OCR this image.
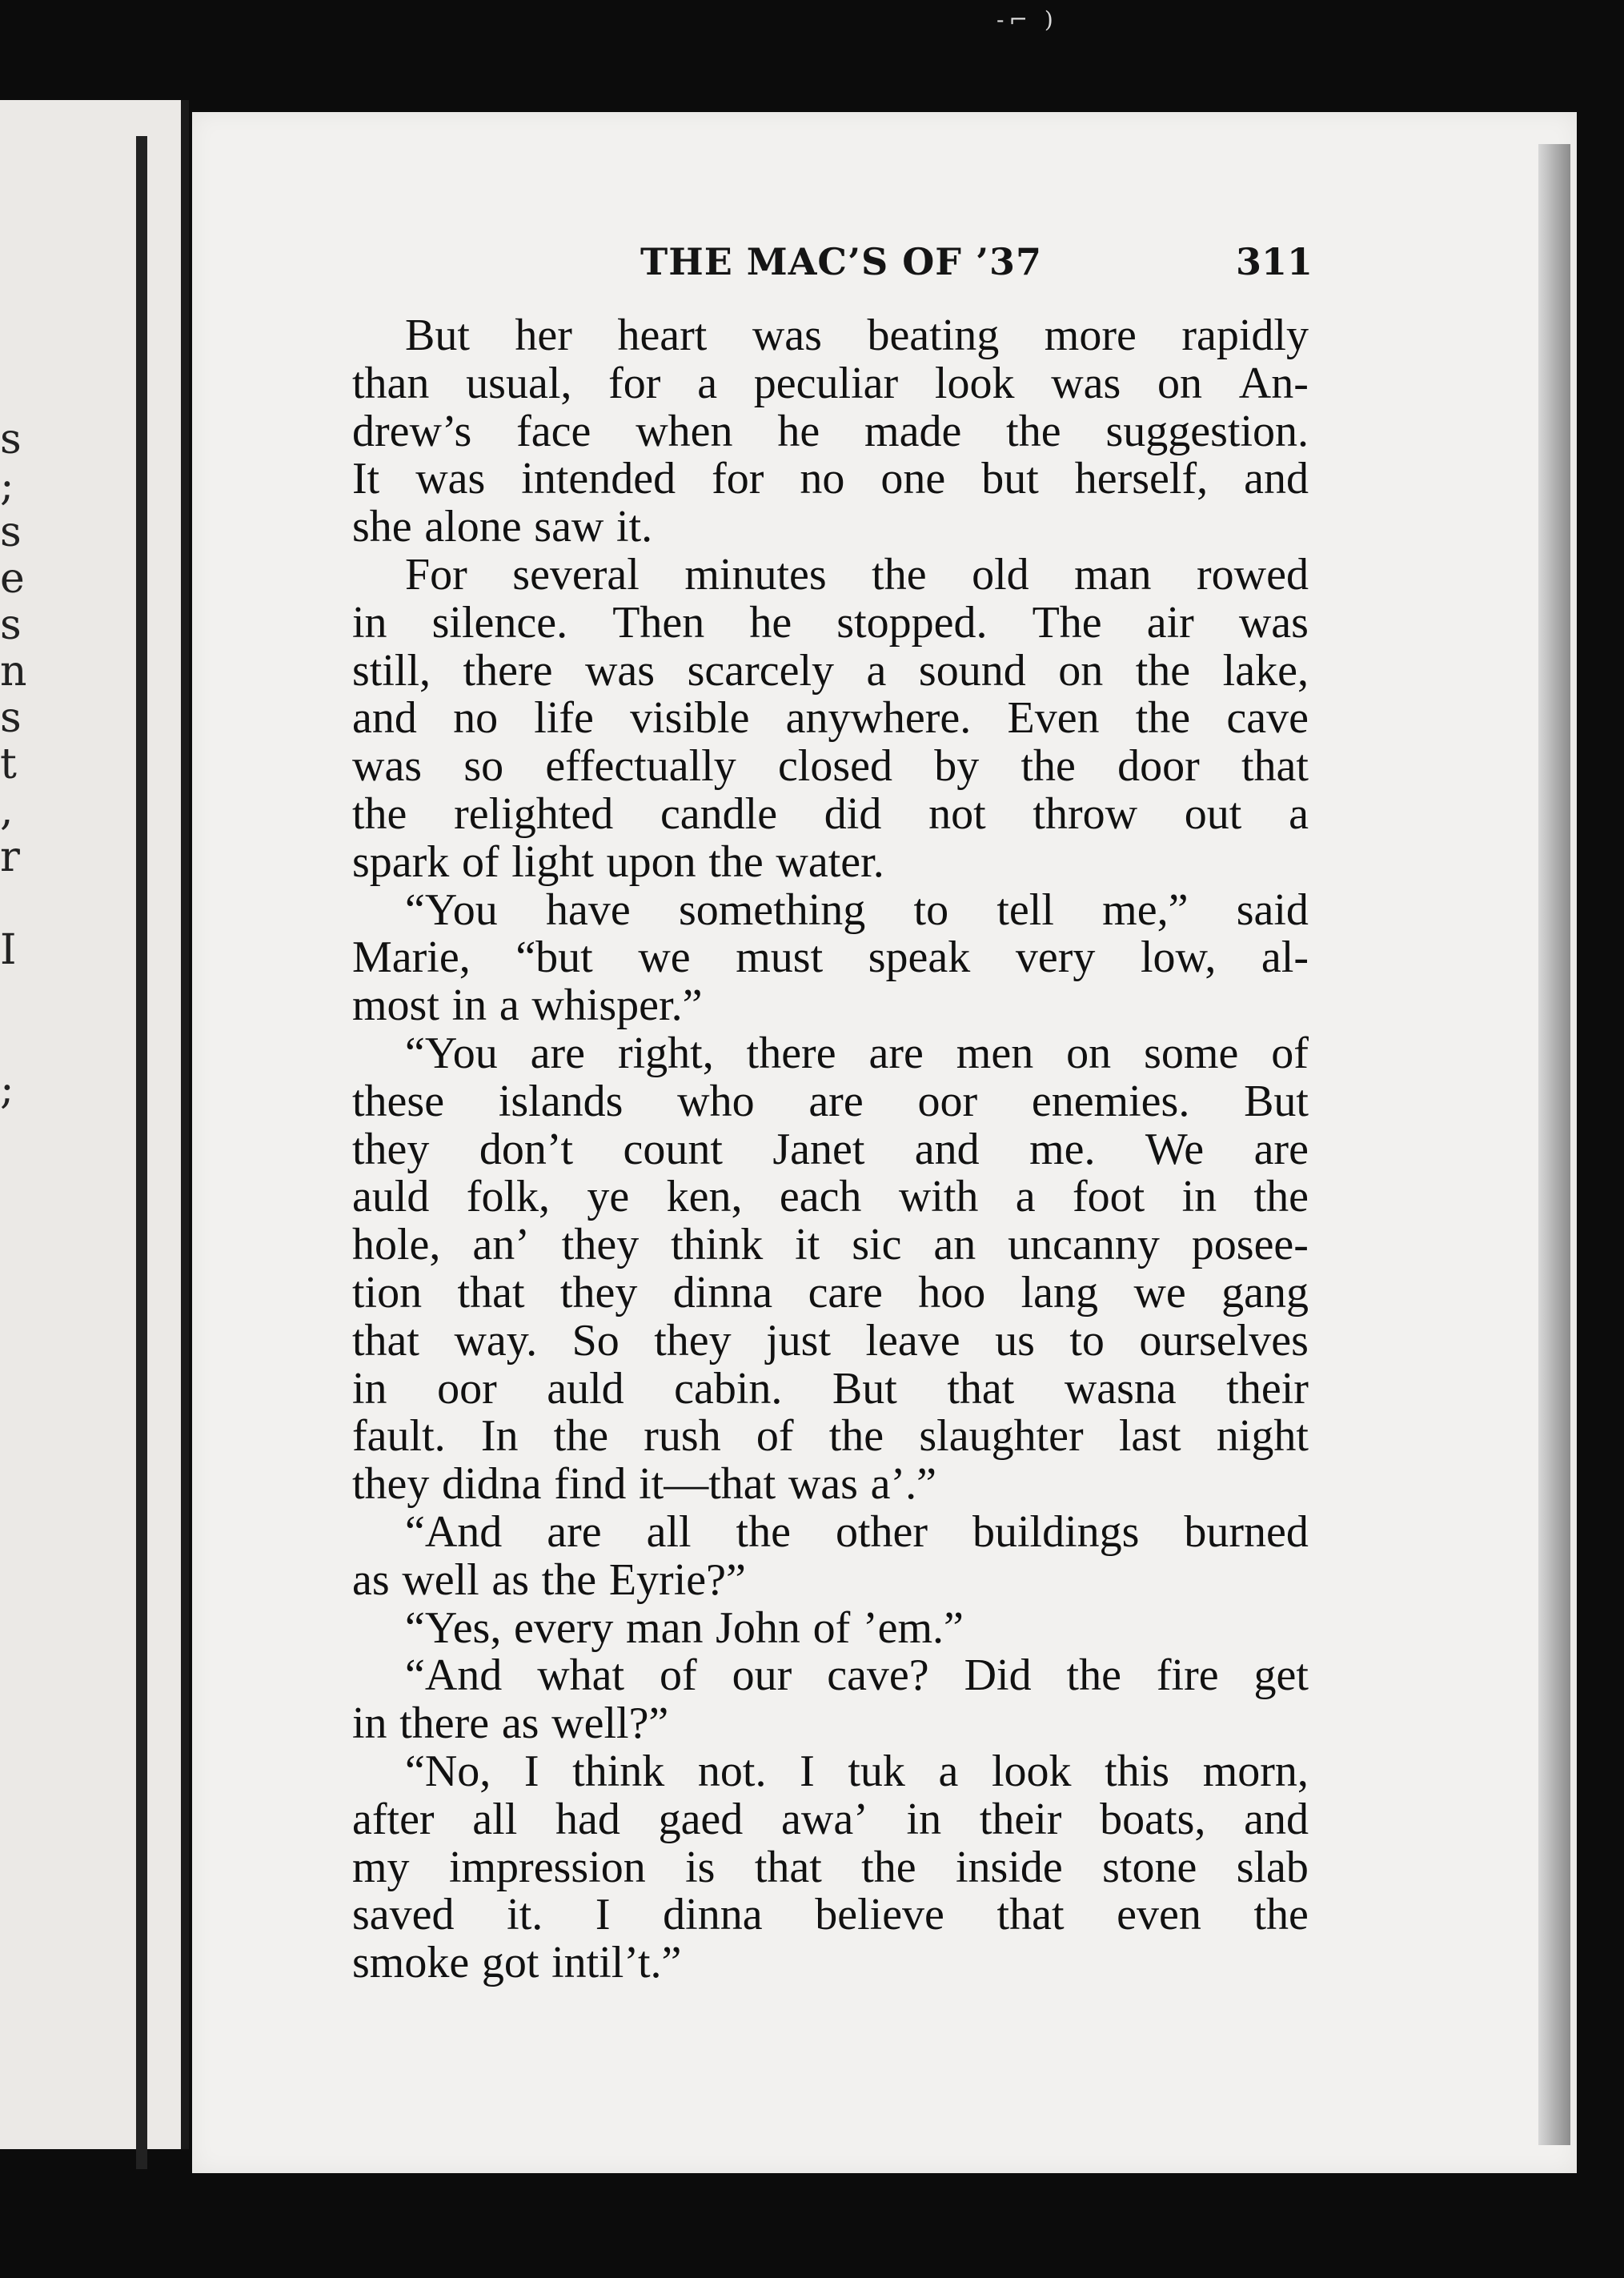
-⌐ )
s
;
s
e
s
n
s
t
,
r
I
;
THE MAC’S OF ’37	311
But her heart was beating more rapidly
than usual, for a peculiar look was on An-
drew’s face when he made the suggestion.
It was intended for no one but herself, and
she alone saw it.
For several minutes the old man rowed
in silence. Then he stopped. The air was
still, there was scarcely a sound on the lake,
and no life visible anywhere. Even the cave
was so effectually closed by the door that
the relighted candle did not throw out a
spark of light upon the water.
“You have something to tell me,” said
Marie, “but we must speak very low, al-
most in a whisper.”
“You are right, there are men on some of
these islands who are oor enemies. But
they don’t count Janet and me. We are
auld folk, ye ken, each with a foot in the
hole, an’ they think it sic an uncanny posee-
tion that they dinna care hoo lang we gang
that way. So they just leave us to ourselves
in oor auld cabin. But that wasna their
fault. In the rush of the slaughter last night
they didna find it—that was a’.”
“And are all the other buildings burned
as well as the Eyrie?”
“Yes, every man John of ’em.”
“And what of our cave? Did the fire get
in there as well?”
“No, I think not. I tuk a look this morn,
after all had gaed awa’ in their boats, and
my impression is that the inside stone slab
saved it. I dinna believe that even the
smoke got intil’t.”
